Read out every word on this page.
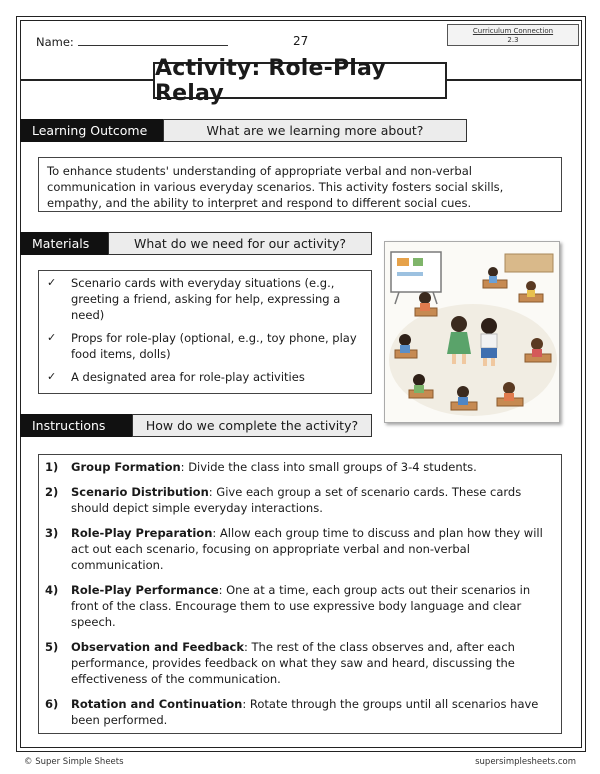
Name:	27
Curriculum Connection
2.3
Activity: Role-Play Relay
Learning Outcome	What are we learning more about?

To enhance students' understanding of appropriate verbal and non-verbal communication in various everyday scenarios. This activity fosters social skills, empathy, and the ability to interpret and respond to different social cues.

Materials	What do we need for our activity?
✓	Scenario cards with everyday situations (e.g., greeting a friend, asking for help, expressing a need)
✓	Props for role-play (optional, e.g., toy phone, play food items, dolls)
✓	A designated area for role-play activities
Instructions	How do we complete the activity?
1)	Group Formation: Divide the class into small groups of 3-4 students.
2)	Scenario Distribution: Give each group a set of scenario cards. These cards should depict simple everyday interactions.
3)	Role-Play Preparation: Allow each group time to discuss and plan how they will act out each scenario, focusing on appropriate verbal and non-verbal communication.
4)	Role-Play Performance: One at a time, each group acts out their scenarios in front of the class. Encourage them to use expressive body language and clear speech.
5)	Observation and Feedback: The rest of the class observes and, after each performance, provides feedback on what they saw and heard, discussing the effectiveness of the communication.
6)	Rotation and Continuation: Rotate through the groups until all scenarios have been performed.
© Super Simple Sheets	supersimplesheets.com
